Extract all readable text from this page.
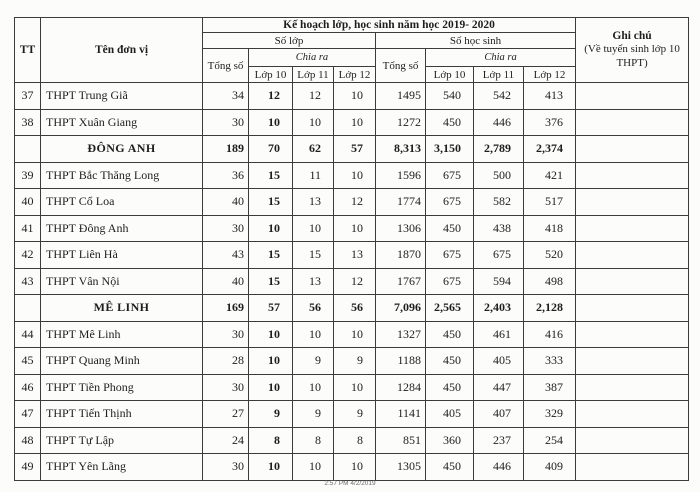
TT	Tên đơn vị	Kế hoạch lớp, học sinh năm học 2019- 2020								Ghi chú
(Về tuyển sinh lớp 10 THPT)

		Số lớp				Số học sinh				
		Tổng số	Chia ra			Tổng số	Chia ra			
			Lớp 10	Lớp 11	Lớp 12		Lớp 10	Lớp 11	Lớp 12	
37	THPT Trung Giã	34	12	12	10	1495	540	542	413	
38	THPT Xuân Giang	30	10	10	10	1272	450	446	376	
	ĐÔNG ANH	189	70	62	57	8,313	3,150	2,789	2,374	
39	THPT Bắc Thăng Long	36	15	11	10	1596	675	500	421	
40	THPT Cổ Loa	40	15	13	12	1774	675	582	517	
41	THPT Đông Anh	30	10	10	10	1306	450	438	418	
42	THPT Liên Hà	43	15	15	13	1870	675	675	520	
43	THPT Vân Nội	40	15	13	12	1767	675	594	498	
	MÊ LINH	169	57	56	56	7,096	2,565	2,403	2,128	
44	THPT Mê Linh	30	10	10	10	1327	450	461	416	
45	THPT Quang Minh	28	10	9	9	1188	450	405	333	
46	THPT Tiền Phong	30	10	10	10	1284	450	447	387	
47	THPT Tiến Thịnh	27	9	9	9	1141	405	407	329	
48	THPT Tự Lập	24	8	8	8	851	360	237	254	
49	THPT Yên Lãng	30	10	10	10	1305	450	446	409	
2:57 PM 4/2/2019
